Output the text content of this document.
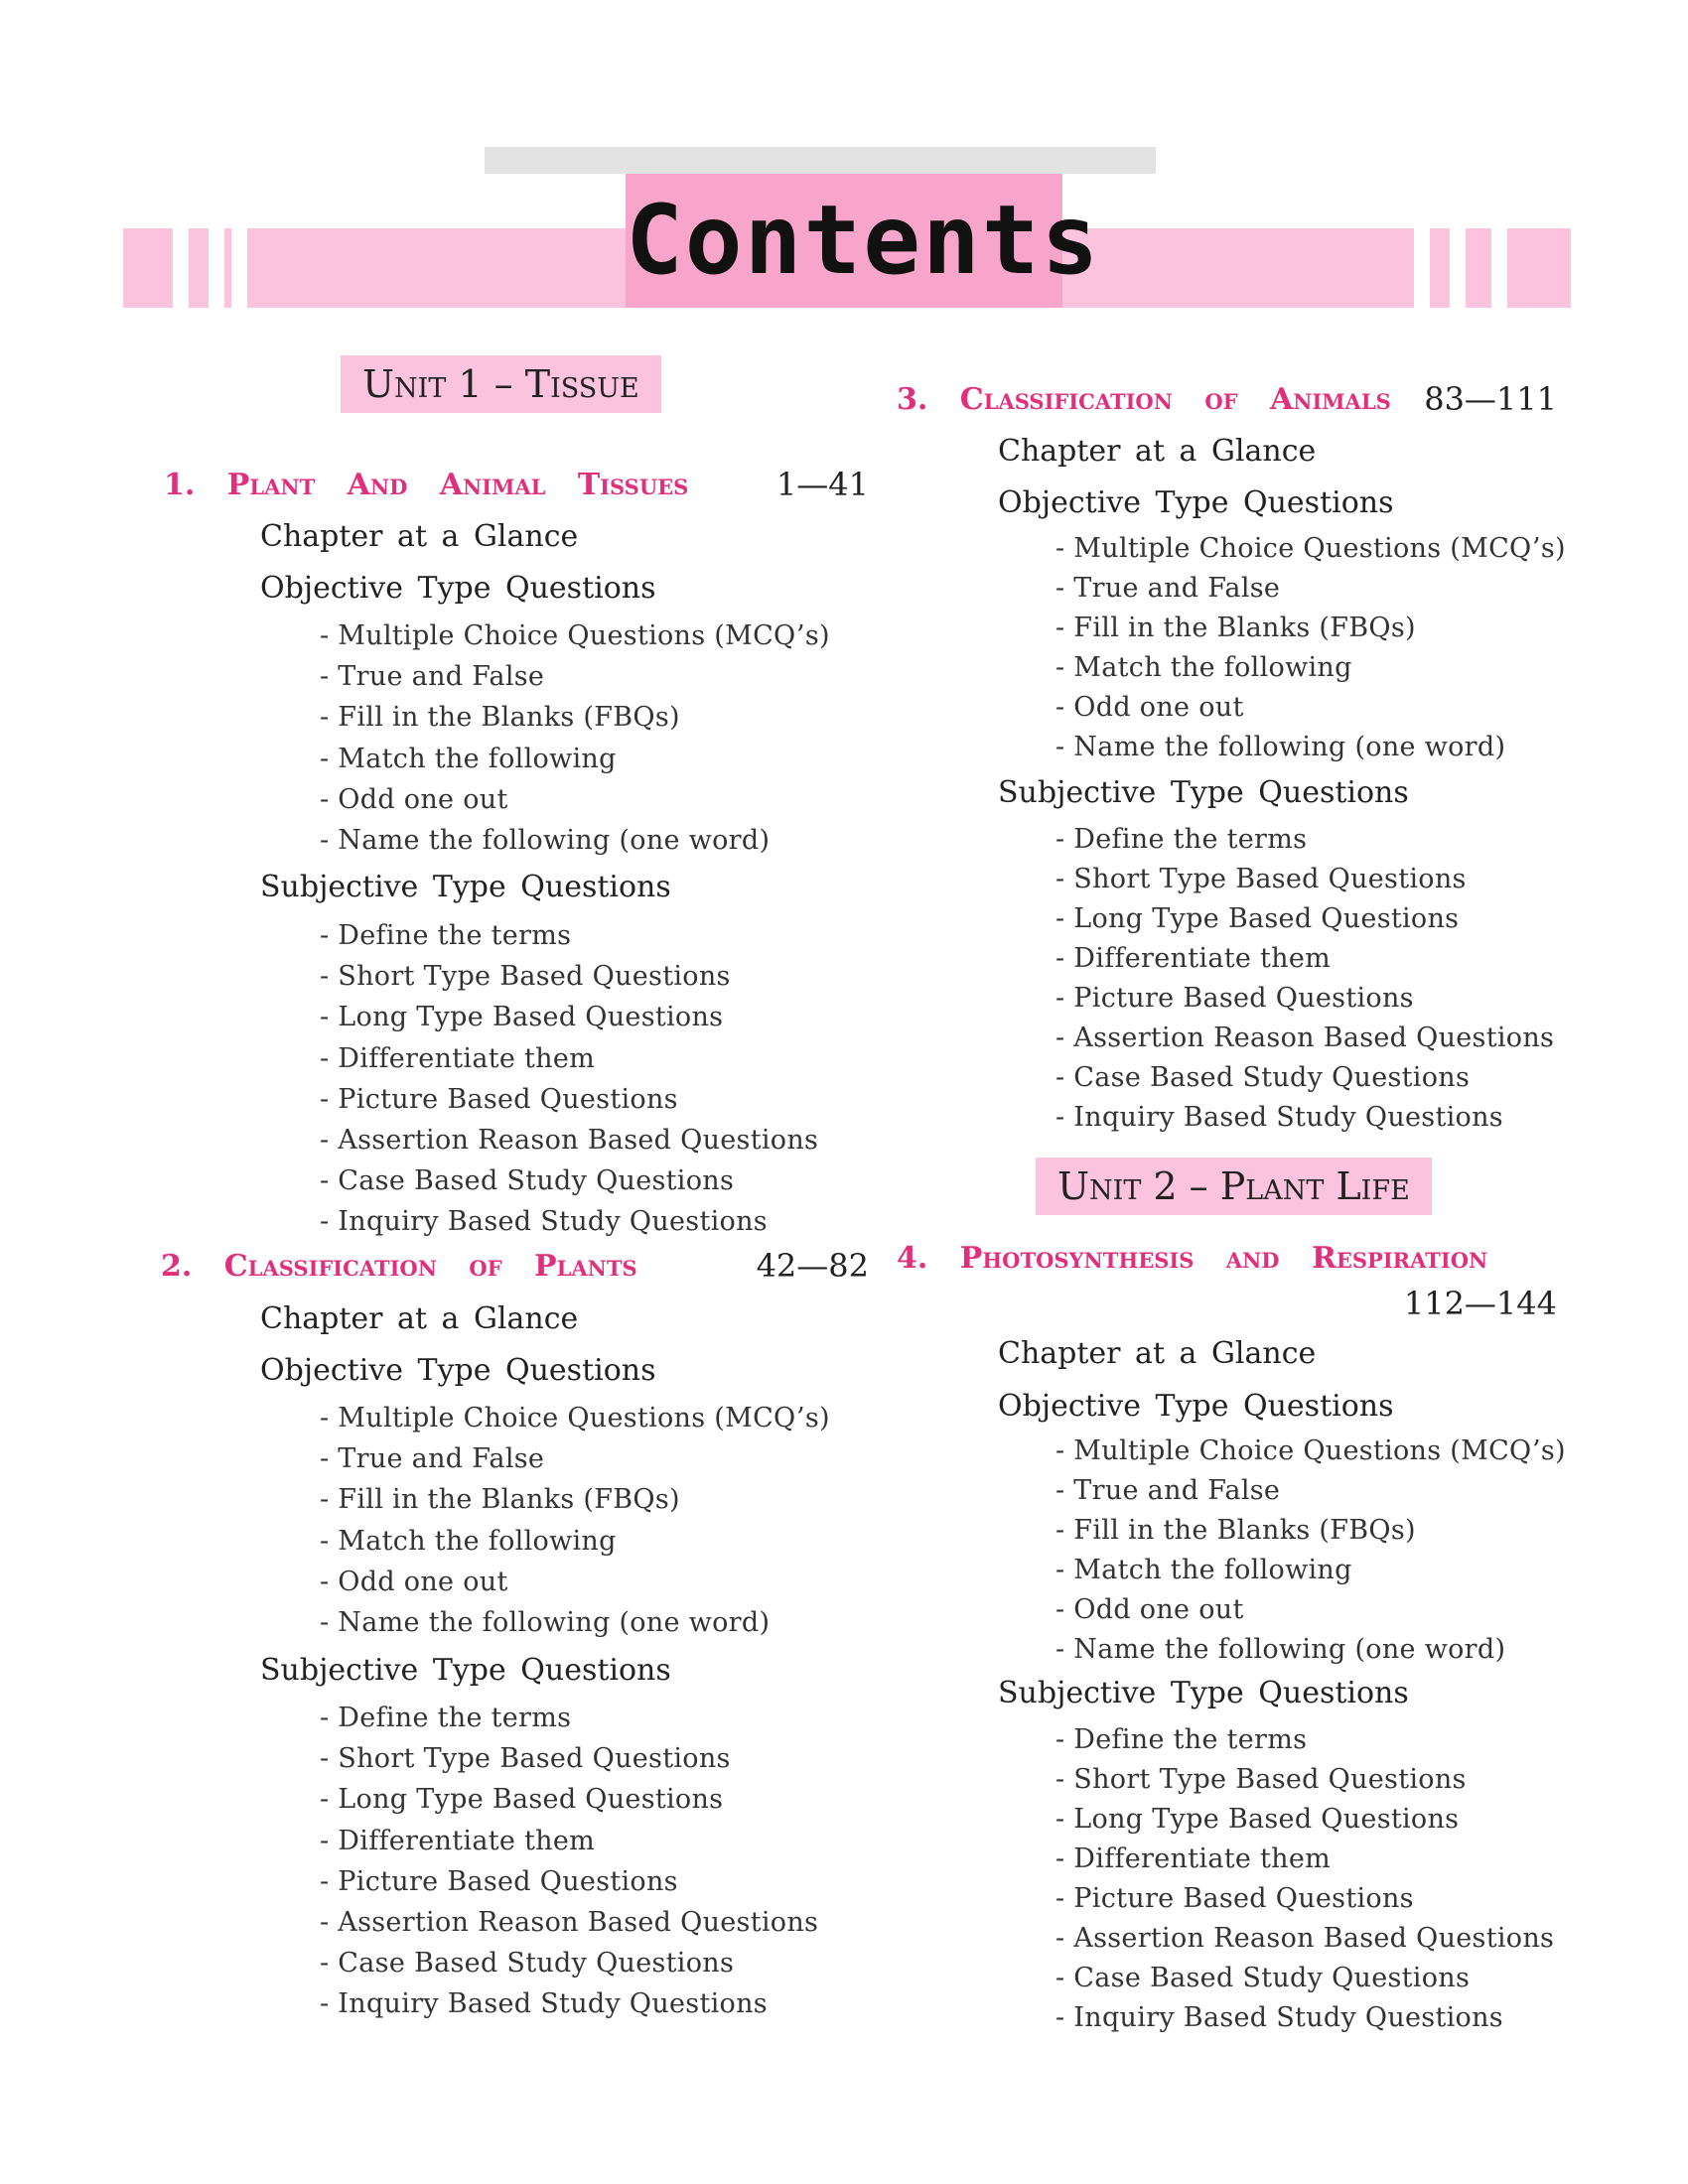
Contents
Unit 1 – Tissue
Unit 2 – Plant Life
1. Plant And Animal Tissues	1—41
Chapter at a Glance
Objective Type Questions
- Multiple Choice Questions (MCQ’s)
- True and False
- Fill in the Blanks (FBQs)
- Match the following
- Odd one out
- Name the following (one word)
Subjective Type Questions
- Define the terms
- Short Type Based Questions
- Long Type Based Questions
- Differentiate them
- Picture Based Questions
- Assertion Reason Based Questions
- Case Based Study Questions
- Inquiry Based Study Questions
2. Classification of Plants	42—82
Chapter at a Glance
Objective Type Questions
- Multiple Choice Questions (MCQ’s)
- True and False
- Fill in the Blanks (FBQs)
- Match the following
- Odd one out
- Name the following (one word)
Subjective Type Questions
- Define the terms
- Short Type Based Questions
- Long Type Based Questions
- Differentiate them
- Picture Based Questions
- Assertion Reason Based Questions
- Case Based Study Questions
- Inquiry Based Study Questions
3. Classification of Animals 83—111
Chapter at a Glance
Objective Type Questions
- Multiple Choice Questions (MCQ’s)
- True and False
- Fill in the Blanks (FBQs)
- Match the following
- Odd one out
- Name the following (one word)
Subjective Type Questions
- Define the terms
- Short Type Based Questions
- Long Type Based Questions
- Differentiate them
- Picture Based Questions
- Assertion Reason Based Questions
- Case Based Study Questions
- Inquiry Based Study Questions
4. Photosynthesis and Respiration
112—144
Chapter at a Glance
Objective Type Questions
- Multiple Choice Questions (MCQ’s)
- True and False
- Fill in the Blanks (FBQs)
- Match the following
- Odd one out
- Name the following (one word)
Subjective Type Questions
- Define the terms
- Short Type Based Questions
- Long Type Based Questions
- Differentiate them
- Picture Based Questions
- Assertion Reason Based Questions
- Case Based Study Questions
- Inquiry Based Study Questions
